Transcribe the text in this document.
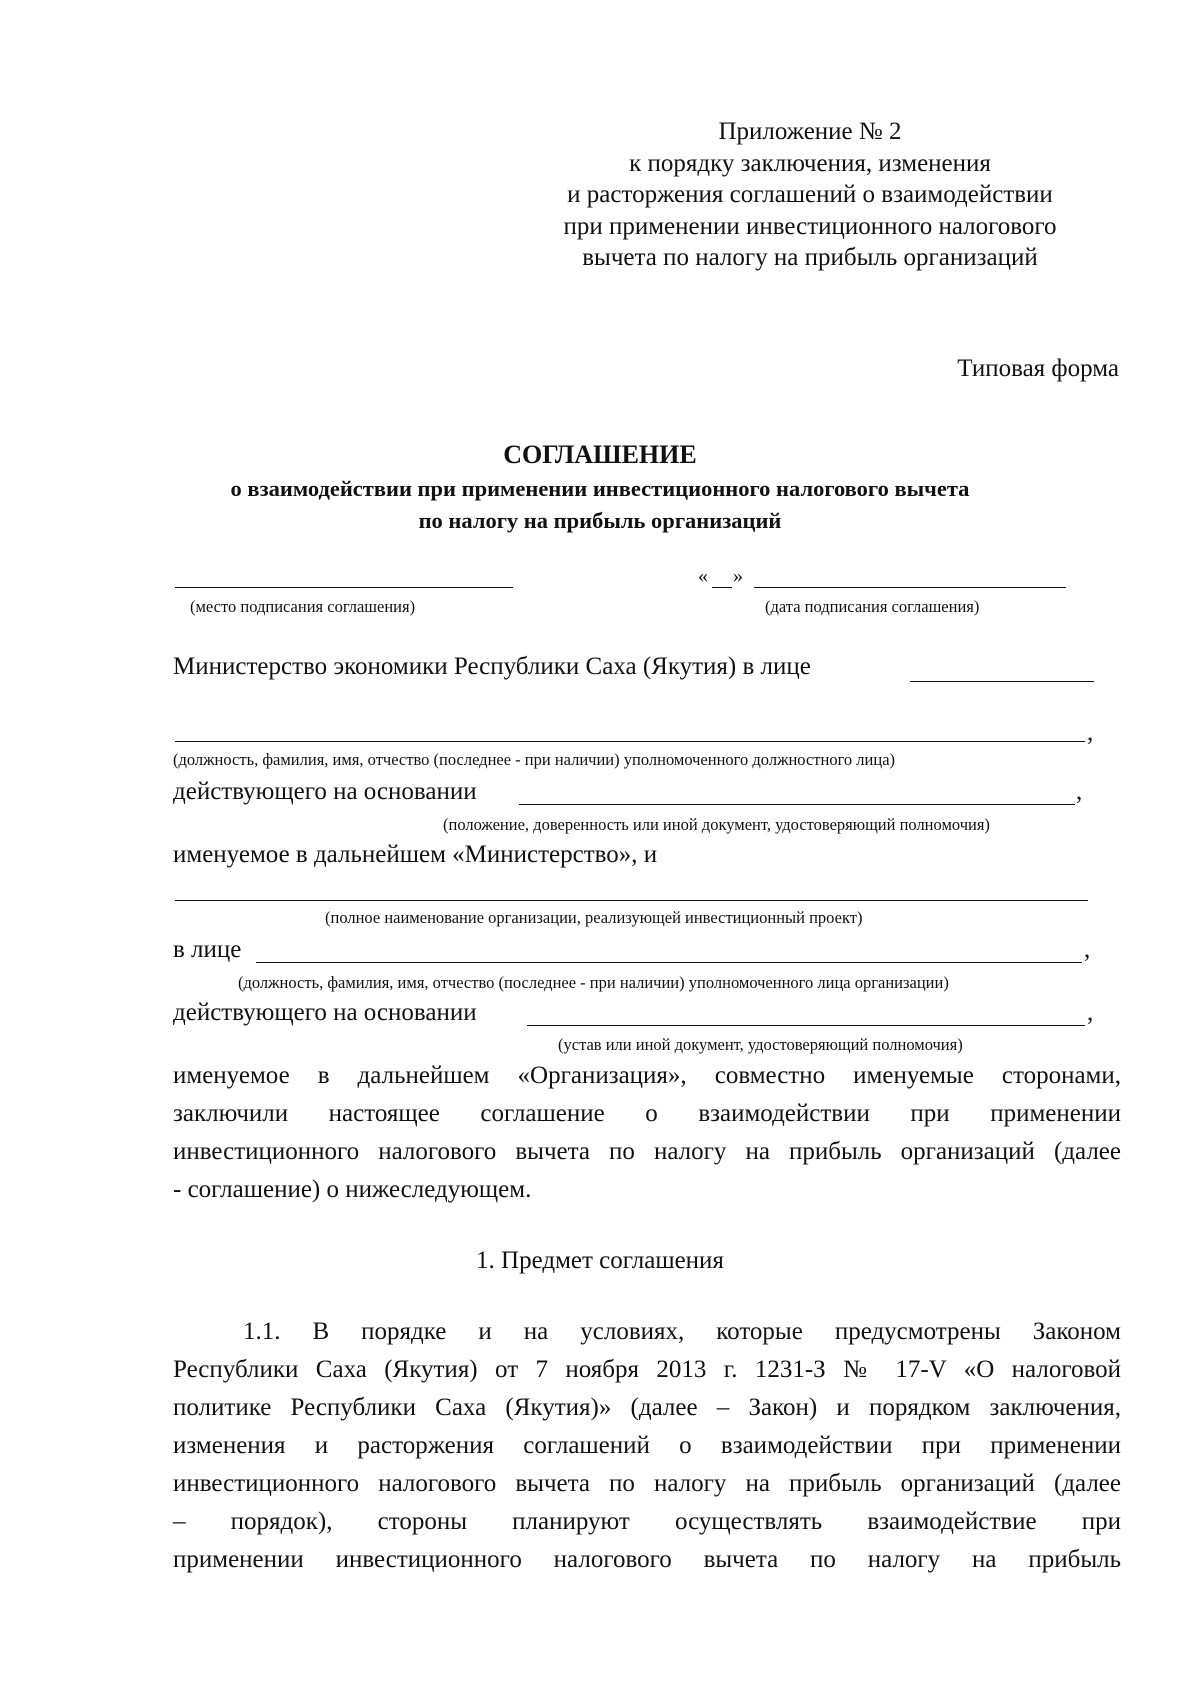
Приложение № 2
к порядку заключения, изменения
и расторжения соглашений о взаимодействии
при применении инвестиционного налогового
вычета по налогу на прибыль организаций
Типовая форма
СОГЛАШЕНИЕ
о взаимодействии при применении инвестиционного налогового вычета
по налогу на прибыль организаций
« »
(место подписания соглашения)	(дата подписания соглашения)
Министерство экономики Республики Саха (Якутия) в лице
,
(должность, фамилия, имя, отчество (последнее - при наличии) уполномоченного должностного лица)
действующего на основании	,
(положение, доверенность или иной документ, удостоверяющий полномочия)
именуемое в дальнейшем «Министерство», и
(полное наименование организации, реализующей инвестиционный проект)
в лице	,
(должность, фамилия, имя, отчество (последнее - при наличии) уполномоченного лица организации)
действующего на основании	,
(устав или иной документ, удостоверяющий полномочия)
именуемое в дальнейшем «Организация», совместно именуемые сторонами,
заключили настоящее соглашение о взаимодействии при применении
инвестиционного налогового вычета по налогу на прибыль организаций (далее
- соглашение) о нижеследующем.
1. Предмет соглашения
1.1. В порядке и на условиях, которые предусмотрены Законом
Республики Саха (Якутия) от 7 ноября 2013 г. 1231-З № 17-V «О налоговой
политике Республики Саха (Якутия)» (далее – Закон) и порядком заключения,
изменения и расторжения соглашений о взаимодействии при применении
инвестиционного налогового вычета по налогу на прибыль организаций (далее
– порядок), стороны планируют осуществлять взаимодействие при
применении инвестиционного налогового вычета по налогу на прибыль
